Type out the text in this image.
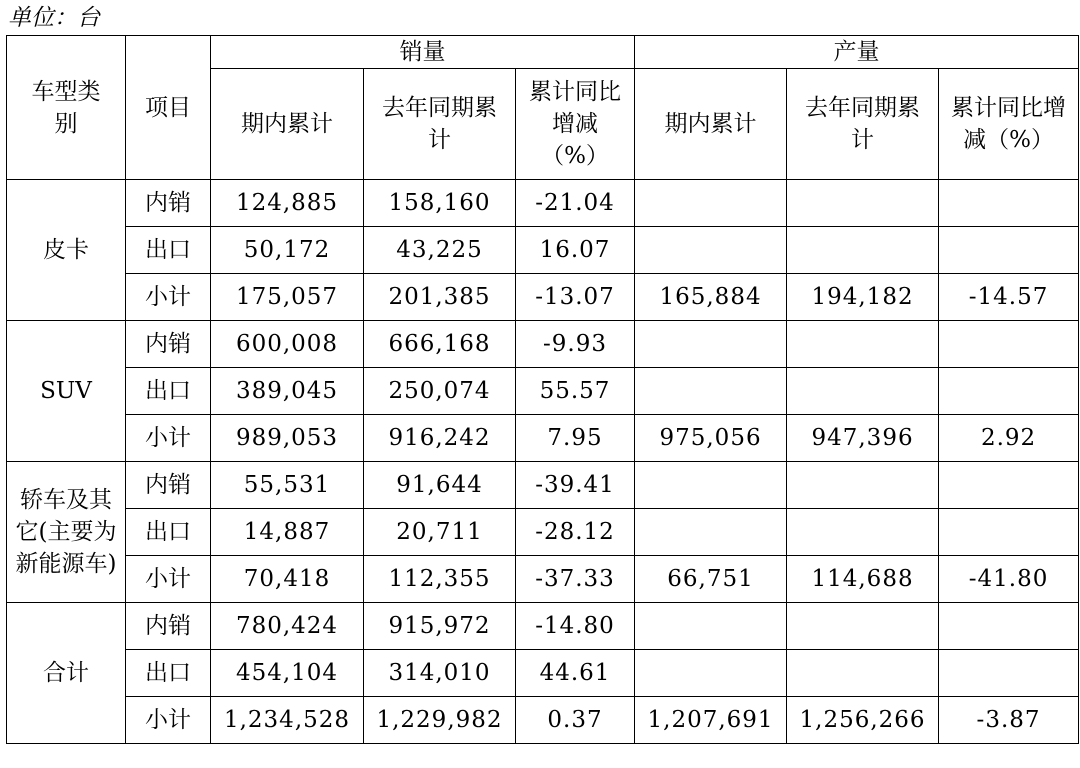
单位：台
车型类别	项目	销量			产量		
		期内累计	去年同期累计	累计同比增减（%）	期内累计	去年同期累计	累计同比增减（%）
皮卡	内销	124,885	158,160	-21.04			
	出口	50,172	43,225	16.07			
	小计	175,057	201,385	-13.07	165,884	194,182	-14.57
SUV	内销	600,008	666,168	-9.93			
	出口	389,045	250,074	55.57			
	小计	989,053	916,242	7.95	975,056	947,396	2.92
轿车及其它(主要为新能源车)	内销	55,531	91,644	-39.41			
	出口	14,887	20,711	-28.12			
	小计	70,418	112,355	-37.33	66,751	114,688	-41.80
合计	内销	780,424	915,972	-14.80			
	出口	454,104	314,010	44.61			
	小计	1,234,528	1,229,982	0.37	1,207,691	1,256,266	-3.87
